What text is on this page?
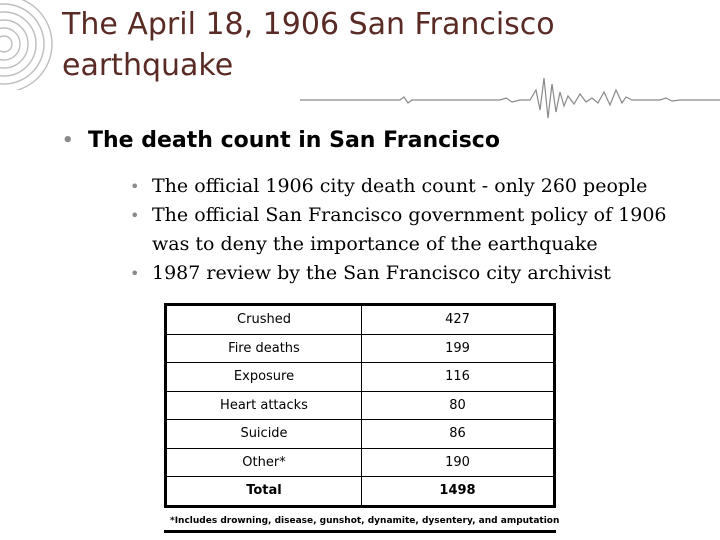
The April 18, 1906 San Francisco earthquake
• The death count in San Francisco
• The official 1906 city death count - only 260 people
• The official San Francisco government policy of 1906 was to deny the importance of the earthquake
• 1987 review by the San Francisco city archivist
Crushed	427
Fire deaths	199
Exposure	116
Heart attacks	80
Suicide	86
Other*	190
Total	1498
*Includes drowning, disease, gunshot, dynamite, dysentery, and amputation
